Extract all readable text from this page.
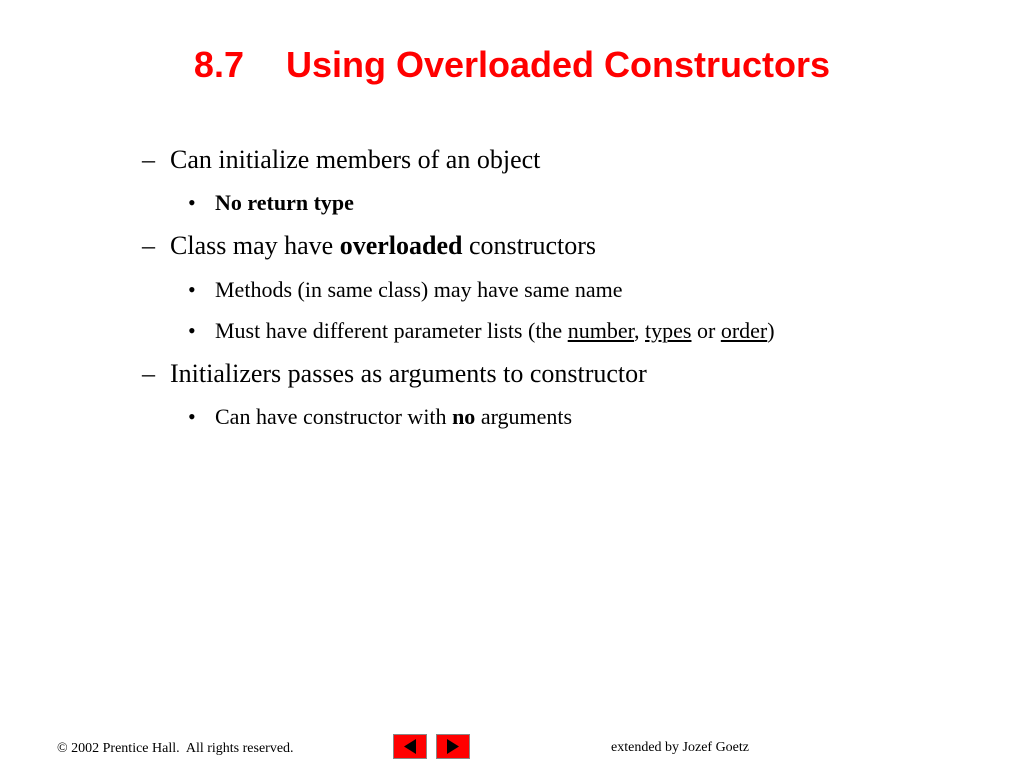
8.7 Using Overloaded Constructors
– Can initialize members of an object
• No return type
– Class may have overloaded constructors
• Methods (in same class) may have same name
• Must have different parameter lists (the number, types or order)
– Initializers passes as arguments to constructor
• Can have constructor with no arguments
© 2002 Prentice Hall.  All rights reserved.	extended by Jozef Goetz
